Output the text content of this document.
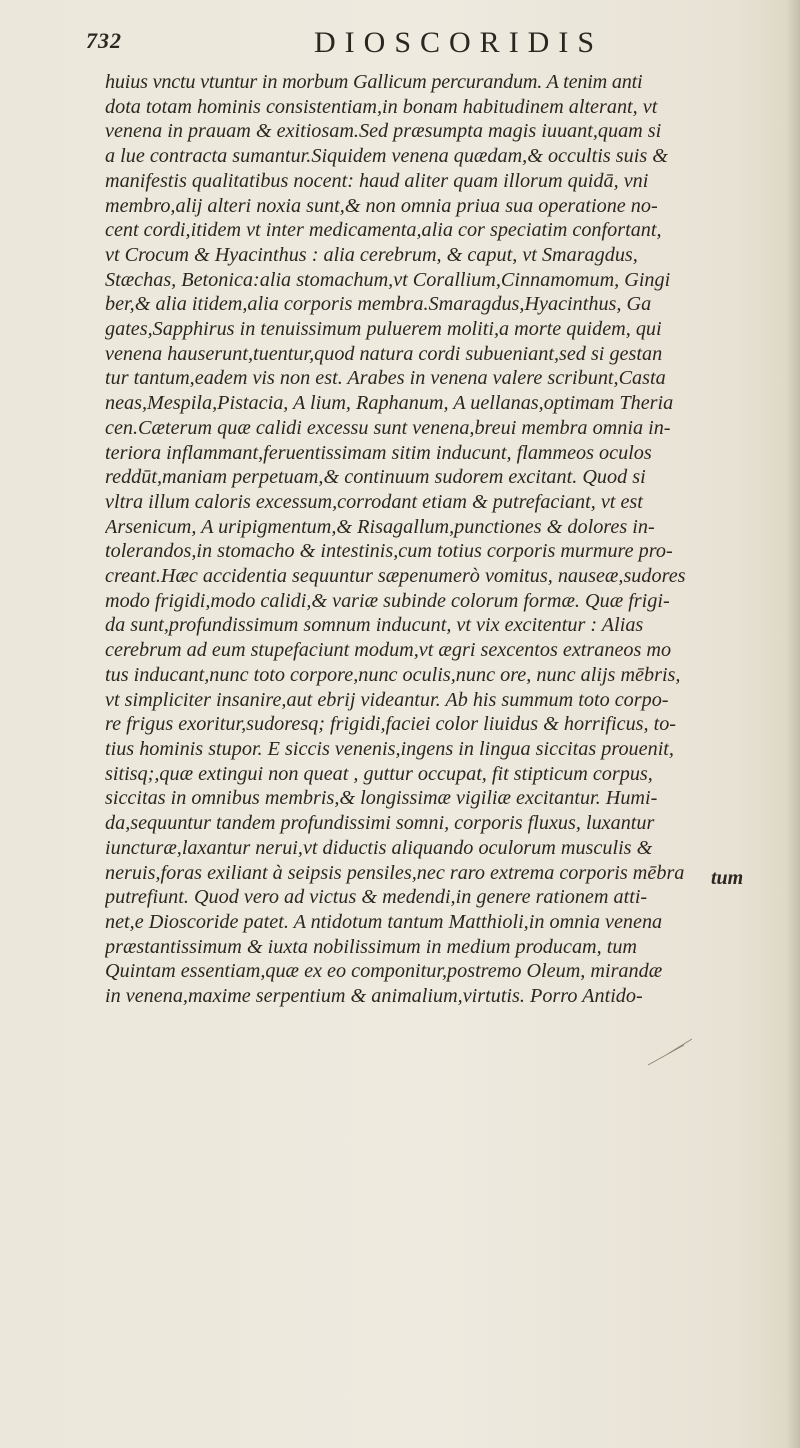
732	DIOSCORIDIS
huius vnctu vtuntur in morbum Gallicum percurandum. A tenim anti
dota totam hominis consistentiam,in bonam habitudinem alterant, vt
venena in prauam & exitiosam.Sed præsumpta magis iuuant,quam si
a lue contracta sumantur.Siquidem venena quædam,& occultis suis &
manifestis qualitatibus nocent: haud aliter quam illorum quidā, vni
membro,alij alteri noxia sunt,& non omnia priua sua operatione no-
cent cordi,itidem vt inter medicamenta,alia cor speciatim confortant,
vt Crocum & Hyacinthus : alia cerebrum, & caput, vt Smaragdus,
Stæchas, Betonica:alia stomachum,vt Corallium,Cinnamomum, Gingi
ber,& alia itidem,alia corporis membra.Smaragdus,Hyacinthus, Ga
gates,Sapphirus in tenuissimum puluerem moliti,a morte quidem, qui
venena hauserunt,tuentur,quod natura cordi subueniant,sed si gestan
tur tantum,eadem vis non est. Arabes in venena valere scribunt,Casta
neas,Mespila,Pistacia, A lium, Raphanum, A uellanas,optimam Theria
cen.Cæterum quæ calidi excessu sunt venena,breui membra omnia in-
teriora inflammant,feruentissimam sitim inducunt, flammeos oculos
reddūt,maniam perpetuam,& continuum sudorem excitant. Quod si
vltra illum caloris excessum,corrodant etiam & putrefaciant, vt est
Arsenicum, A uripigmentum,& Risagallum,punctiones & dolores in-
tolerandos,in stomacho & intestinis,cum totius corporis murmure pro-
creant.Hæc accidentia sequuntur sæpenumerò vomitus, nauseæ,sudores
modo frigidi,modo calidi,& variæ subinde colorum formæ. Quæ frigi-
da sunt,profundissimum somnum inducunt, vt vix excitentur : Alias
cerebrum ad eum stupefaciunt modum,vt ægri sexcentos extraneos mo
tus inducant,nunc toto corpore,nunc oculis,nunc ore, nunc alijs mēbris,
vt simpliciter insanire,aut ebrij videantur. Ab his summum toto corpo-
re frigus exoritur,sudoresq; frigidi,faciei color liuidus & horrificus, to-
tius hominis stupor. E siccis venenis,ingens in lingua siccitas prouenit,
sitisq;,quæ extingui non queat , guttur occupat, fit stipticum corpus,
siccitas in omnibus membris,& longissimæ vigiliæ excitantur. Humi-
da,sequuntur tandem profundissimi somni, corporis fluxus, luxantur
iuncturæ,laxantur nerui,vt diductis aliquando oculorum musculis &
neruis,foras exiliant à seipsis pensiles,nec raro extrema corporis mēbra
putrefiunt. Quod vero ad victus & medendi,in genere rationem atti-
net,e Dioscoride patet. A ntidotum tantum Matthioli,in omnia venena
præstantissimum & iuxta nobilissimum in medium producam, tum
Quintam essentiam,quæ ex eo componitur,postremo Oleum, mirandæ
in venena,maxime serpentium & animalium,virtutis. Porro Antido-
tum
